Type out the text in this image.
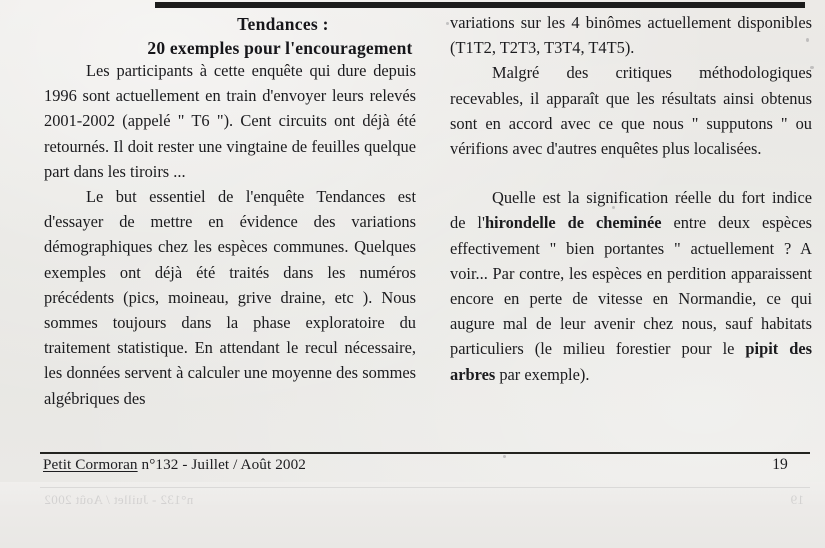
Tendances :
20 exemples pour l'encouragement

Les participants à cette enquête qui dure depuis 1996 sont actuellement en train d'envoyer leurs relevés 2001-2002 (appelé " T6 "). Cent circuits ont déjà été retournés. Il doit rester une vingtaine de feuilles quelque part dans les tiroirs ...

Le but essentiel de l'enquête Tendances est d'essayer de mettre en évidence des variations démographiques chez les espèces communes. Quelques exemples ont déjà été traités dans les numéros précédents (pics, moineau, grive draine, etc ). Nous sommes toujours dans la phase exploratoire du traitement statistique. En attendant le recul nécessaire, les données servent à calculer une moyenne des sommes algébriques des

variations sur les 4 binômes actuellement disponibles (T1T2, T2T3, T3T4, T4T5).

Malgré des critiques méthodologiques recevables, il apparaît que les résultats ainsi obtenus sont en accord avec ce que nous " supputons " ou vérifions avec d'autres enquêtes plus localisées.

Quelle est la signification réelle du fort indice de l'hirondelle de cheminée entre deux espèces effectivement " bien portantes " actuellement ? A voir... Par contre, les espèces en perdition apparaissent encore en perte de vitesse en Normandie, ce qui augure mal de leur avenir chez nous, sauf habitats particuliers (le milieu forestier pour le pipit des arbres par exemple).

Petit Cormoran n°132 - Juillet / Août 2002	19
19
n°132 - Juillet / Août 2002
